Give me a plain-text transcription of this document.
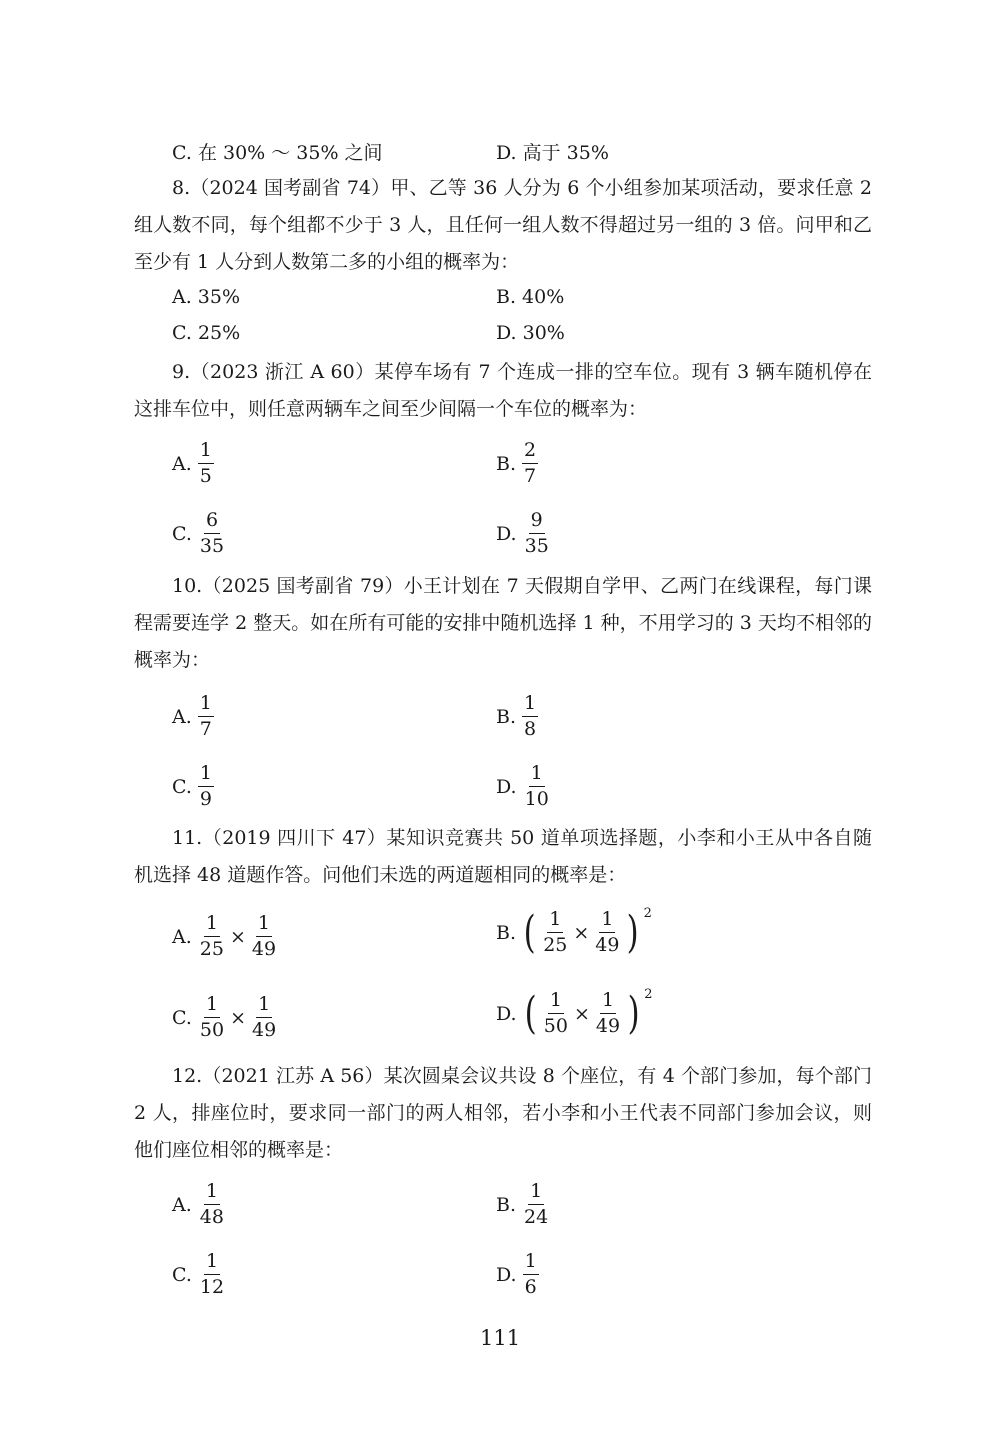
C. 在 30% ～ 35% 之间	D. 高于 35%
8.（2024 国考副省 74）甲、乙等 36 人分为 6 个小组参加某项活动，要求任意 2 组人数不同，每个组都不少于 3 人，且任何一组人数不得超过另一组的 3 倍。问甲和乙至少有 1 人分到人数第二多的小组的概率为：
A. 35%	B. 40%
C. 25%	D. 30%
9.（2023 浙江 A 60）某停车场有 7 个连成一排的空车位。现有 3 辆车随机停在这排车位中，则任意两辆车之间至少间隔一个车位的概率为：
A. $\frac{1}{5}$	B. $\frac{2}{7}$
C. $\frac{6}{35}$	D. $\frac{9}{35}$
10.（2025 国考副省 79）小王计划在 7 天假期自学甲、乙两门在线课程，每门课程需要连学 2 整天。如在所有可能的安排中随机选择 1 种，不用学习的 3 天均不相邻的概率为：
A. $\frac{1}{7}$	B. $\frac{1}{8}$
C. $\frac{1}{9}$	D. $\frac{1}{10}$
11.（2019 四川下 47）某知识竞赛共 50 道单项选择题，小李和小王从中各自随机选择 48 道题作答。问他们未选的两道题相同的概率是：
A. $\frac{1}{25} \times \frac{1}{49}$	B. ( $\frac{1}{25} \times \frac{1}{49}$ ) 2
C. $\frac{1}{50} \times \frac{1}{49}$	D. ( $\frac{1}{50} \times \frac{1}{49}$ ) 2
12.（2021 江苏 A 56）某次圆桌会议共设 8 个座位，有 4 个部门参加，每个部门 2 人，排座位时，要求同一部门的两人相邻，若小李和小王代表不同部门参加会议，则他们座位相邻的概率是：
A. $\frac{1}{48}$	B. $\frac{1}{24}$
C. $\frac{1}{12}$	D. $\frac{1}{6}$
111
